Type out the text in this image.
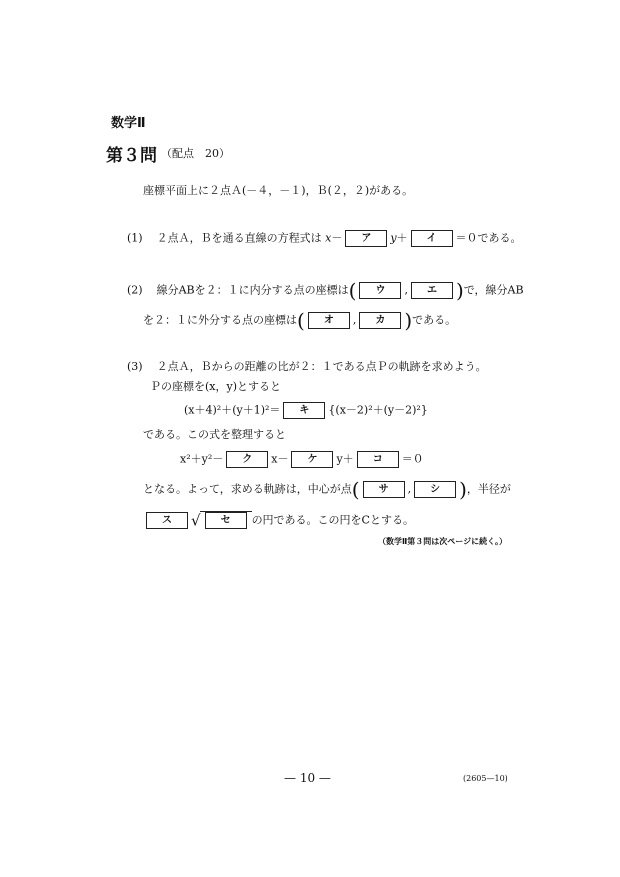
数学Ⅱ
第３問 （配点　20）
座標平面上に２点Ａ(－４，－１)，Ｂ(２，２)がある。
(1) ２点Ａ，Ｂを通る直線の方程式は x－ ア y＋ イ ＝０である。
(2) 線分ABを２：１に内分する点の座標は( ウ , エ )で，線分AB
を２：１に外分する点の座標は( オ , カ )である。
(3) ２点Ａ，Ｂからの距離の比が２：１である点Ｐの軌跡を求めよう。
Ｐの座標を(x，y)とすると
(x＋4)²＋(y＋1)²＝ キ {(x－2)²＋(y－2)²}
である。この式を整理すると
x²＋y²－ ク x－ ケ y＋ コ ＝０
となる。よって，求める軌跡は，中心が点( サ , シ )，半径が
ス √ セ の円である。この円をCとする。
（数学Ⅱ第３問は次ページに続く。）
— 10 —	(2605—10)
